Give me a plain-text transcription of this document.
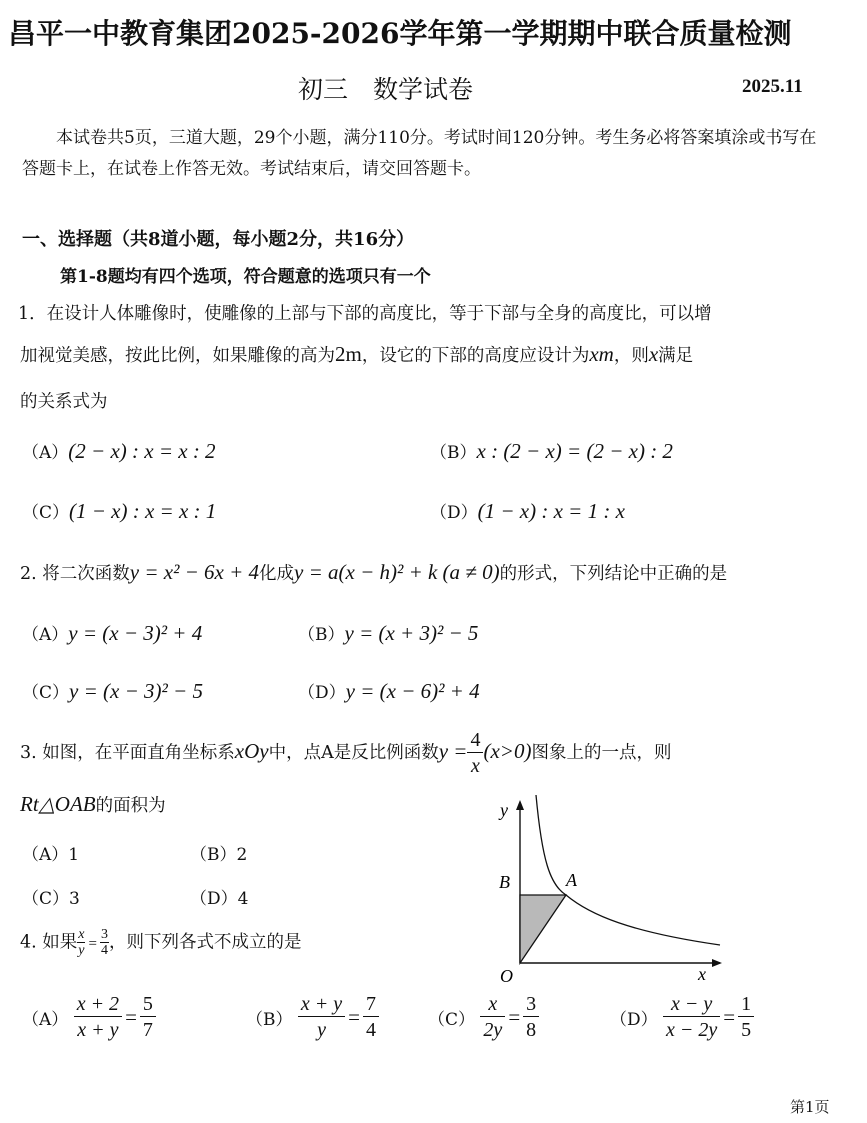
昌平一中教育集团2025-2026学年第一学期期中联合质量检测
初三　数学试卷	2025.11
本试卷共5页，三道大题，29个小题，满分110分。考试时间120分钟。考生务必将答案填涂或书写在答题卡上，在试卷上作答无效。考试结束后，请交回答题卡。
一、选择题（共8道小题，每小题2分，共16分）
第1-8题均有四个选项，符合题意的选项只有一个
1．在设计人体雕像时，使雕像的上部与下部的高度比，等于下部与全身的高度比，可以增
加视觉美感，按此比例，如果雕像的高为2m，设它的下部的高度应设计为xm，则x满足
的关系式为
（A）(2 − x) : x = x : 2	（B）x : (2 − x) = (2 − x) : 2
（C）(1 − x) : x = x : 1	（D）(1 − x) : x = 1 : x
2. 将二次函数y = x² − 6x + 4化成y = a(x − h)² + k (a ≠ 0)的形式，下列结论中正确的是
（A）y = (x − 3)² + 4	（B）y = (x + 3)² − 5
（C）y = (x − 3)² − 5	（D）y = (x − 6)² + 4
3. 如图，在平面直角坐标系xOy中，点A是反比例函数$y = \frac{4}{x} (x>0)$图象上的一点，则
Rt△OAB的面积为
（A）1	（B）2
（C）3	（D）4
y
x
O
B	A
4. 如果 $\frac{x}{y} = \frac{3}{4}$ ，则下列各式不成立的是
$(A) \frac{x + 2}{x + y} = \frac{5}{7}$	$(B) \frac{x + y}{y} = \frac{7}{4}$	$(C) \frac{x}{2y} = \frac{3}{8}$	$(D) \frac{x - y}{x - 2y} = \frac{1}{5}$
第1页
